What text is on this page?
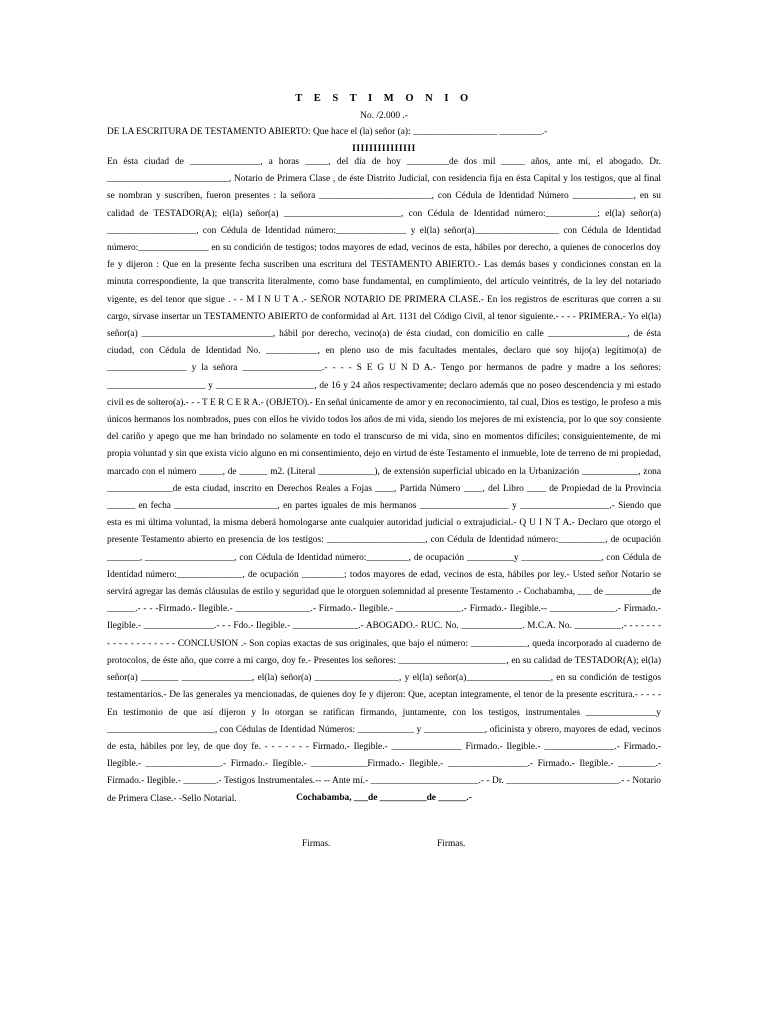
T E S T I M O N I O
No. /2.000 .-
DE LA ESCRITURA DE TESTAMENTO ABIERTO: Que hace el (la) señor (a): __________________ _________.-
IIIIIIIIIIIIIII

En ésta ciudad de _______________, a horas _____, del día de hoy _________de dos mil _____ años, ante mí, el abogado. Dr. __________________________, Notario de Primera Clase , de éste Distrito Judicial, con residencia fija en ésta Capital y los testigos, que al final se nombran y suscriben, fueron presentes : la señora ________________________, con Cédula de Identidad Número _____________, en su calidad de TESTADOR(A); el(la) señor(a) _________________________, con Cédula de Identidad número:___________; el(la) señor(a) ___________________, con Cédula de Identidad número:_______________ y el(la) señor(a)__________________ con Cédula de Identidad número:_______________ en su condición de testigos; todos mayores de edad, vecinos de esta, hábiles por derecho, a quienes de conocerlos doy fe y dijeron : Que en la presente fecha suscriben una escritura del TESTAMENTO ABIERTO.- Las demás bases y condiciones constan en la minuta correspondiente, la que transcrita literalmente, como base fundamental, en cumplimiento, del artículo veintitrés, de la ley del notariado vigente, es del tenor que sigue . - - M I N U T A .- SEÑOR NOTARIO DE PRIMERA CLASE.- En los registros de escrituras que corren a su cargo, sírvase insertar un TESTAMENTO ABIERTO de conformidad al Art. 1131 del Código Civil, al tenor siguiente.- - - - PRIMERA.- Yo el(la) señor(a) ____________________________, hábil por derecho, vecino(a) de ésta ciudad, con domicilio en calle _________________, de ésta ciudad, con Cédula de Identidad No. ___________, en pleno uso de mis facultades mentales, declaro que soy hijo(a) legítimo(a) de _________________ y la señora _________________.- - - - S E G U N D A.- Tengo por hermanos de padre y madre a los señores: _____________________ y _____________________, de 16 y 24 años respectivamente; declaro además que no poseo descendencia y mi estado civil es de soltero(a).- - - T E R C E R A.- (OBJETO).- En señal únicamente de amor y en reconocimiento, tal cual, Dios es testigo, le profeso a mis únicos hermanos los nombrados, pues con ellos he vivido todos los años de mi vida, siendo los mejores de mi existencia, por lo que soy consiente del cariño y apego que me han brindado no solamente en todo el transcurso de mi vida, sino en momentos difíciles; consiguientemente, de mi propia voluntad y sin que exista vicio alguno en mi consentimiento, dejo en virtud de éste Testamento el inmueble, lote de terreno de mi propiedad, marcado con el número _____, de ______ m2. (Literal ____________), de extensión superficial ubicado en la Urbanización ____________, zona ______________de esta ciudad, inscrito en Derechos Reales a Fojas ____, Partida Número ____, del Libro ____ de Propiedad de la Provincia ______ en fecha ______________________, en partes iguales de mis hermanos ___________________ y ___________________.- Siendo que esta es mi última voluntad, la misma deberá homologarse ante cualquier autoridad judicial o extrajudicial.- Q U I N T A.- Declaro que otorgo el presente Testamento abierto en presencia de los testigos: _____________________, con Cédula de Identidad número:__________, de ocupación _______, ___________________, con Cédula de Identidad número:_________, de ocupación __________y _________________, con Cédula de Identidad número:______________, de ocupación _________; todos mayores de edad, vecinos de esta, hábiles por ley.- Usted señor Notario se servirá agregar las demás cláusulas de estilo y seguridad que le otorguen solemnidad al presente Testamento .- Cochabamba, ___ de __________de ______.- - - -Firmado.- Ilegible.- ________________.- Firmado.- Ilegible.- ______________.- Firmado.- Ilegible.-- ______________.- Firmado.- Ilegible.- _______________.- - - Fdo.- Ilegible.- ______________.- ABOGADO.- RUC. No. _____________. M.C.A. No. __________.- - - - - - - - - - - - - - - - - - - CONCLUSION .- Son copias exactas de sus originales, que bajo el número: ____________, queda incorporado al cuaderno de protocolos, de éste año, que corre a mi cargo, doy fe.- Presentes los señores: _______________________, en su calidad de TESTADOR(A); el(la) señor(a) ________ _______________, el(la) señor(a) __________________, y el(la) señor(a)__________________, en su condición de testigos testamentarios.- De las generales ya mencionadas, de quienes doy fe y dijeron: Que, aceptan íntegramente, el tenor de la presente escritura.- - - - - En testimonio de que así dijeron y lo otorgan se ratifican firmando, juntamente, con los testigos, instrumentales _______________y _______________________, con Cédulas de Identidad Números: ____________ y _____________, oficinista y obrero, mayores de edad, vecinos de esta, hábiles por ley, de que doy fe. - - - - - - - Firmado.- Ilegible.- _______________ Firmado.- Ilegible.- _______________.- Firmado.- Ilegible.- ________________.- Firmado.- Ilegible.- ____________Firmado.- Ilegible.- _________________.- Firmado.- Ilegible.- ________.- Firmado.- Ilegible.- _______.- Testigos Instrumentales.-- -- Ante mí.- _______________________.- - Dr. ________________________.- - Notario de Primera Clase.- -Sello Notarial.	Cochabamba, ___de __________de ______.-
Firmas.	Firmas.
